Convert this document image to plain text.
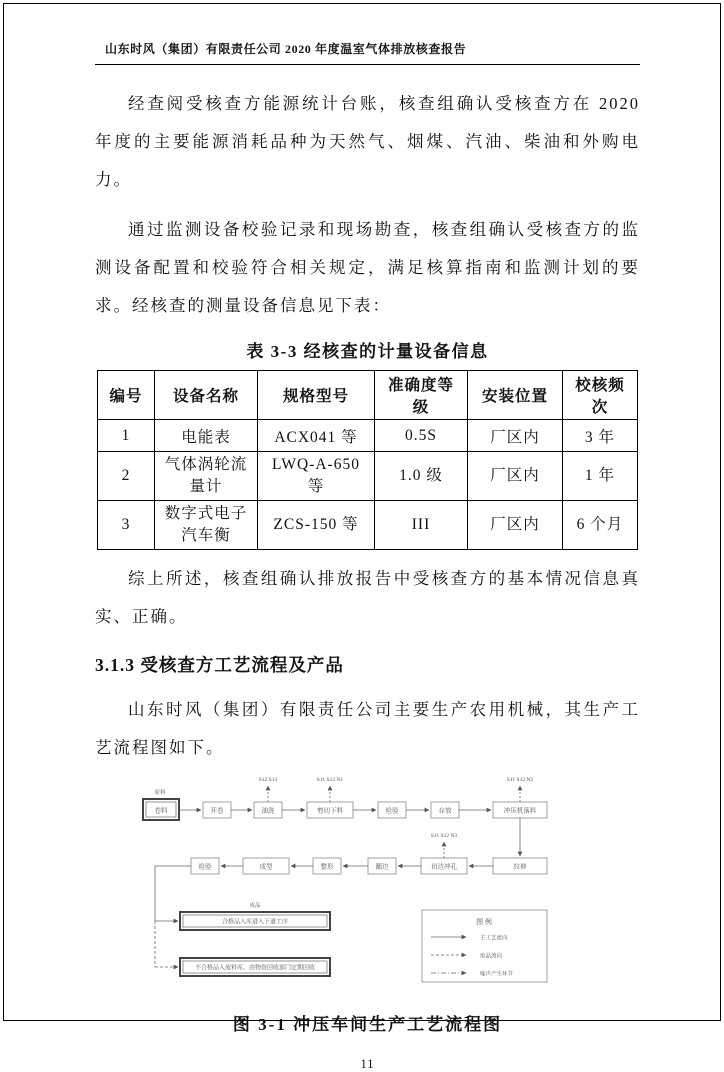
山东时风（集团）有限责任公司 2020 年度温室气体排放核查报告

经查阅受核查方能源统计台账，核查组确认受核查方在 2020 年度的主要能源消耗品种为天然气、烟煤、汽油、柴油和外购电力。

通过监测设备校验记录和现场勘查，核查组确认受核查方的监测设备配置和校验符合相关规定，满足核算指南和监测计划的要求。经核查的测量设备信息见下表：

表 3-3 经核查的计量设备信息
编号	设备名称	规格型号	准确度等级	安装位置	校核频次
1	电能表	ACX041 等	0.5S	厂区内	3 年
2	气体涡轮流量计	LWQ-A-650 等	1.0 级	厂区内	1 年
3	数字式电子汽车衡	ZCS-150 等	III	厂区内	6 个月

综上所述，核查组确认排放报告中受核查方的基本情况信息真实、正确。

3.1.3 受核查方工艺流程及产品

山东时风（集团）有限责任公司主要生产农用机械，其生产工艺流程图如下。

S12 S13	S11 S12 N1	S11 S12 N2
原料
卷料	开卷	油洗	剪切下料	检验	存放	冲压机落料
S11 S12 N3
拉伸
切边冲孔
翻边
整形
成型
检验
成品
合格品入库进入下道工序
不合格品入废料库、由物资回收部门定期回收
图 例
主工艺流向
废品流向
噪声产生环节
图 3-1 冲压车间生产工艺流程图
11
